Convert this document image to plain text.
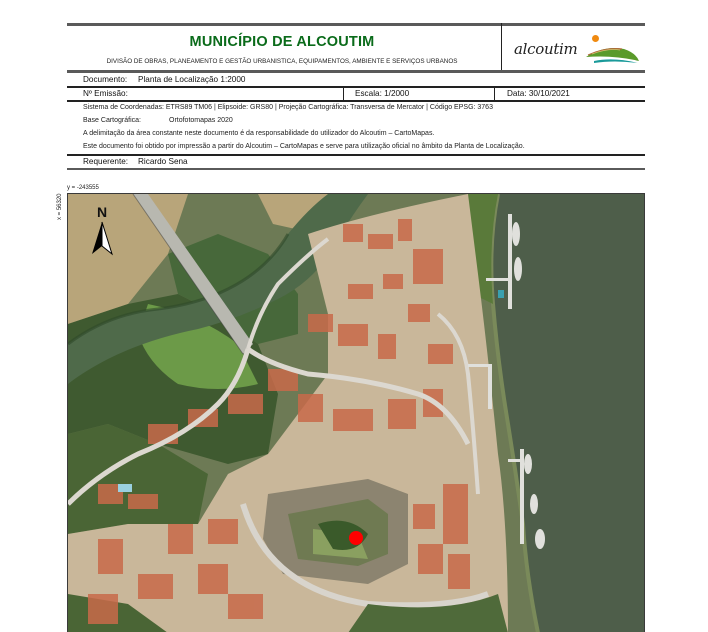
MUNICÍPIO DE ALCOUTIM
DIVISÃO DE OBRAS, PLANEAMENTO E GESTÃO URBANISTICA, EQUIPAMENTOS, AMBIENTE E SERVIÇOS URBANOS
alcoutim
Documento: Planta de Localização 1:2000
Nº Emissão:	Escala: 1/2000	Data: 30/10/2021
Sistema de Coordenadas: ETRS89 TM06 | Elipsoide: GRS80 | Projeção Cartográfica: Transversa de Mercator | Código EPSG: 3763
Base Cartográfica:	Ortofotomapas 2020
A delimitação da área constante neste documento é da responsabilidade do utilizador do Alcoutim – CartoMapas.
Este documento foi obtido por impressão a partir do Alcoutim – CartoMapas e serve para utilização oficial no âmbito da Planta de Localização.
Requerente: Ricardo Sena
y = -243555
x = 56320 N
